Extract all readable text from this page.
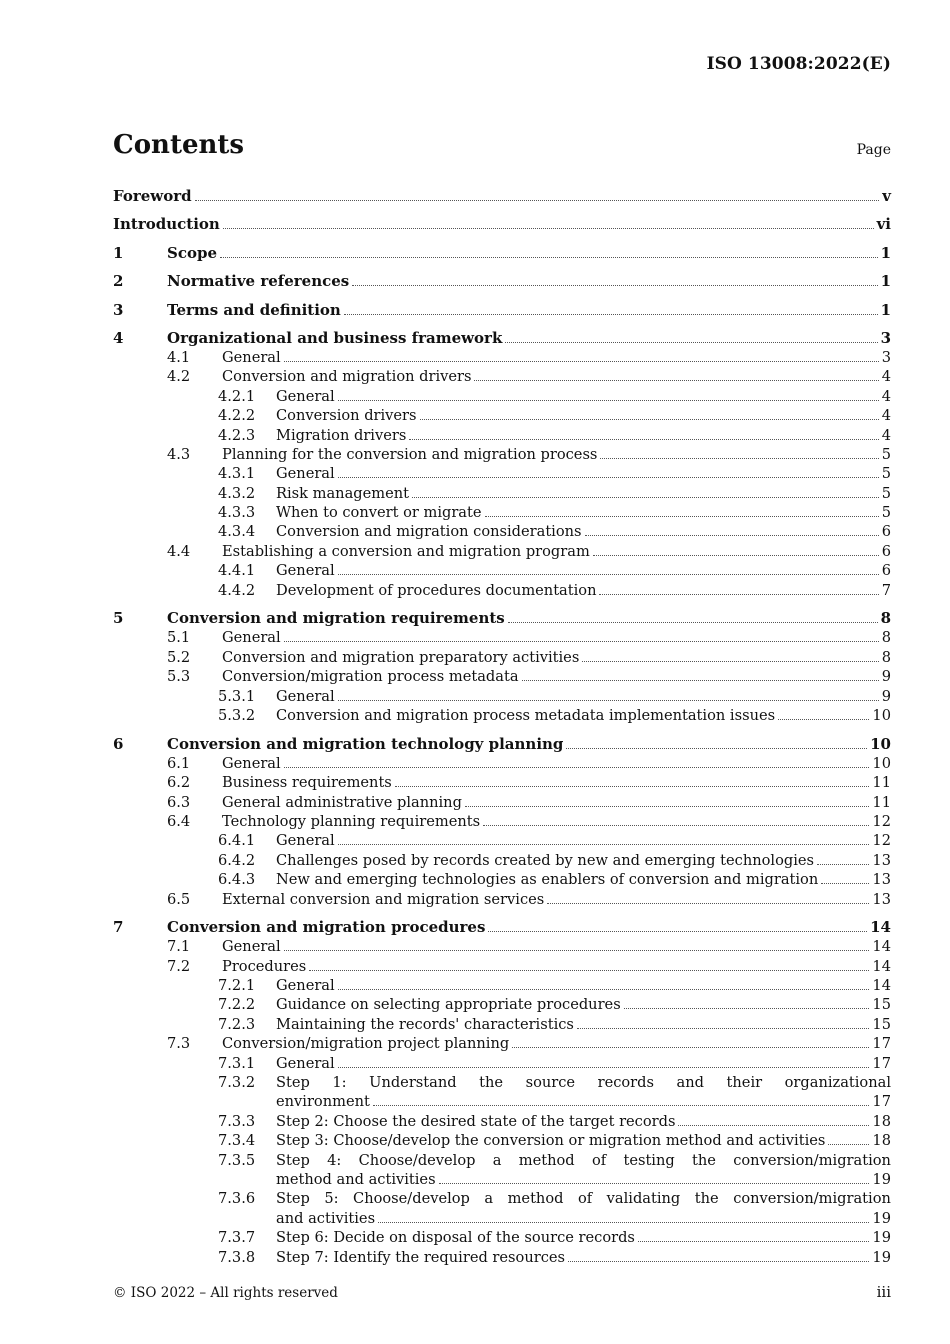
ISO 13008:2022(E)
Contents	Page
Foreword	v
Introduction	vi
1	Scope	1
2	Normative references	1
3	Terms and definition	1
4	Organizational and business framework	3
4.1 General	3
4.2 Conversion and migration drivers	4
4.2.1 General	4
4.2.2 Conversion drivers	4
4.2.3 Migration drivers	4
4.3 Planning for the conversion and migration process	5
4.3.1 General	5
4.3.2 Risk management	5
4.3.3 When to convert or migrate	5
4.3.4 Conversion and migration considerations	6
4.4 Establishing a conversion and migration program	6
4.4.1 General	6
4.4.2 Development of procedures documentation	7
5	Conversion and migration requirements	8
5.1 General	8
5.2 Conversion and migration preparatory activities	8
5.3 Conversion/migration process metadata	9
5.3.1 General	9
5.3.2 Conversion and migration process metadata implementation issues	10
6	Conversion and migration technology planning	10
6.1 General	10
6.2 Business requirements	11
6.3 General administrative planning	11
6.4 Technology planning requirements	12
6.4.1 General	12
6.4.2 Challenges posed by records created by new and emerging technologies	13
6.4.3 New and emerging technologies as enablers of conversion and migration	13
6.5 External conversion and migration services	13
7	Conversion and migration procedures	14
7.1 General	14
7.2 Procedures	14
7.2.1 General	14
7.2.2 Guidance on selecting appropriate procedures	15
7.2.3 Maintaining the records' characteristics	15
7.3 Conversion/migration project planning	17
7.3.1 General	17
7.3.2 Step 1: Understand the source records and their organizational
environment	17
7.3.3 Step 2: Choose the desired state of the target records	18
7.3.4 Step 3: Choose/develop the conversion or migration method and activities	18
7.3.5 Step 4: Choose/develop a method of testing the conversion/migration
method and activities	19
7.3.6 Step 5: Choose/develop a method of validating the conversion/migration
and activities	19
7.3.7 Step 6: Decide on disposal of the source records	19
7.3.8 Step 7: Identify the required resources	19
© ISO 2022 – All rights reserved	iii
